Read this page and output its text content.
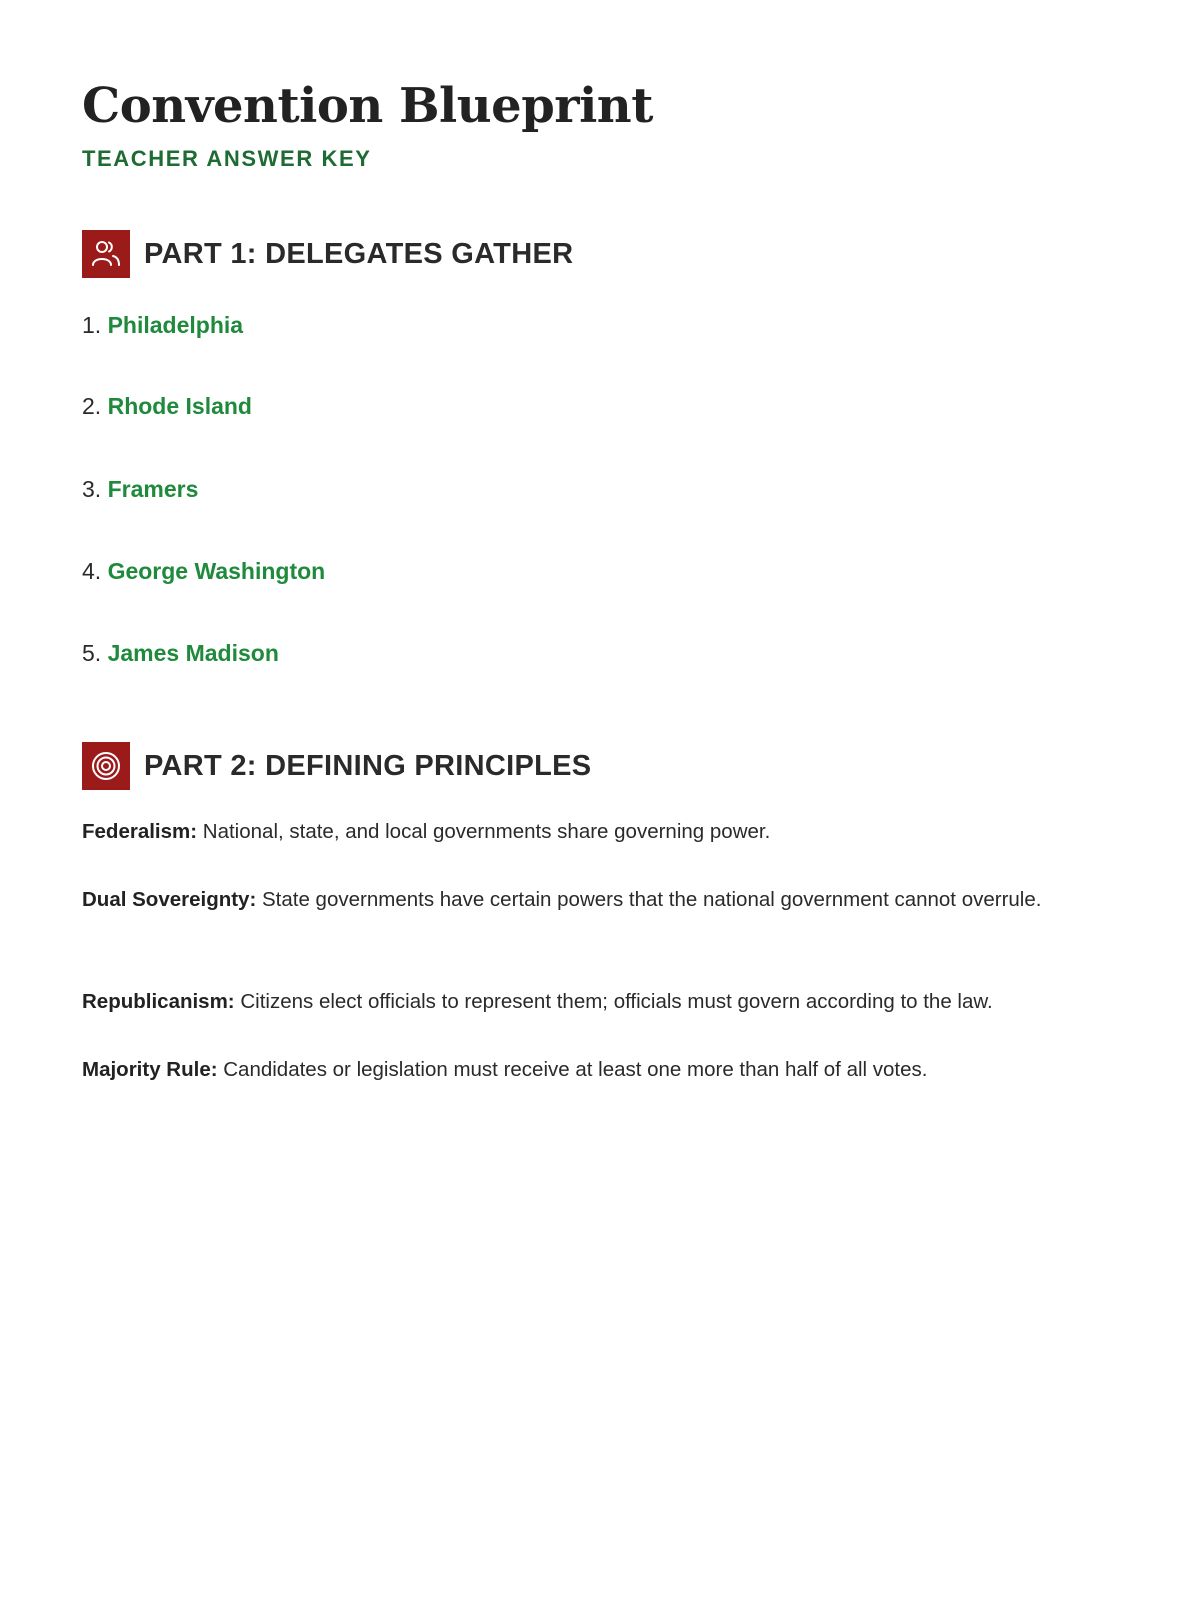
Convention Blueprint
TEACHER ANSWER KEY
PART 1: DELEGATES GATHER
1. Philadelphia
2. Rhode Island
3. Framers
4. George Washington
5. James Madison
PART 2: DEFINING PRINCIPLES
Federalism: National, state, and local governments share governing power.
Dual Sovereignty: State governments have certain powers that the national government cannot overrule.
Republicanism: Citizens elect officials to represent them; officials must govern according to the law.
Majority Rule: Candidates or legislation must receive at least one more than half of all votes.
